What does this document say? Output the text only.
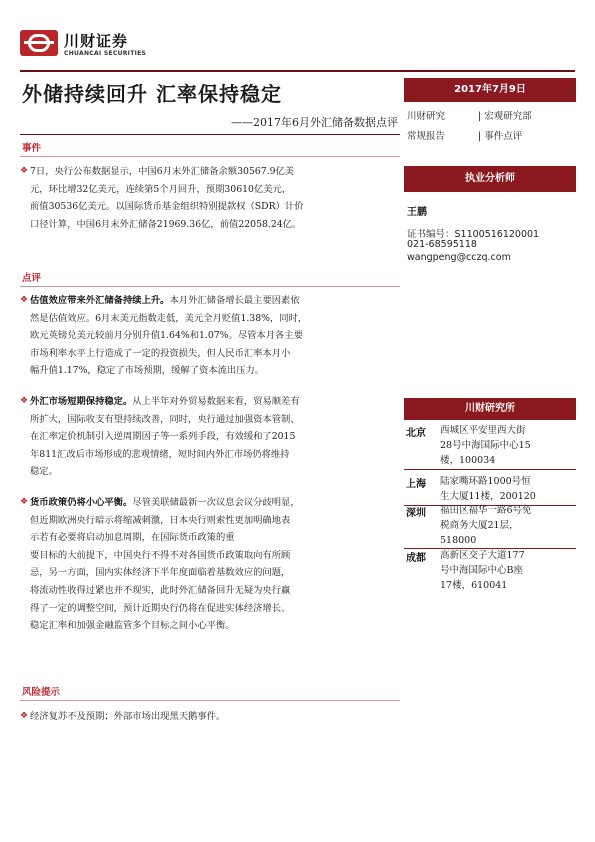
川财证券
CHUANCAI SECURITIES
外储持续回升 汇率保持稳定
——2017年6月外汇储备数据点评
事件
❖ 7日，央行公布数据显示，中国6月末外汇储备余额30567.9亿美
元，环比增32亿美元，连续第5个月回升，预期30610亿美元，
前值30536亿美元。以国际货币基金组织特别提款权（SDR）计价
口径计算，中国6月末外汇储备21969.36亿，前值22058.24亿。
点评
❖ 估值效应带来外汇储备持续上升。本月外汇储备增长最主要因素依
然是估值效应。6月末美元指数走低，美元全月贬值1.38%，同时，
欧元英镑兑美元较前月分别升值1.64%和1.07%。尽管本月各主要
市场利率水平上行造成了一定的投资损失，但人民币汇率本月小
幅升值1.17%，稳定了市场预期，缓解了资本流出压力。
❖ 外汇市场短期保持稳定。从上半年对外贸易数据来看，贸易顺差有
所扩大，国际收支有望持续改善，同时，央行通过加强资本管制、
在汇率定价机制引入逆周期因子等一系列手段，有效缓和了2015
年811汇改后市场形成的悲观情绪，短时间内外汇市场仍将维持
稳定。
❖ 货币政策仍将小心平衡。尽管美联储最新一次议息会议分歧明显，
但近期欧洲央行暗示将缩减刺激，日本央行则索性更加明确地表
示若有必要将启动加息周期，在国际货币政策的重
要目标的大前提下，中国央行不得不对各国货币政策取向有所顾
忌，另一方面，国内实体经济下半年度面临着基数效应的问题，
将流动性收得过紧也并不现实，此时外汇储备回升无疑为央行赢
得了一定的调整空间，预计近期央行仍将在促进实体经济增长、
稳定汇率和加强金融监管多个目标之间小心平衡。
风险提示
❖ 经济复苏不及预期；外部市场出现黑天鹅事件。
2017年7月9日
川财研究	| 宏观研究部
常规报告	| 事件点评
执业分析师
王鹏
证书编号：S1100516120001
021-68595118
wangpeng@cczq.com
川财研究所
北京 西城区平安里西大街
28号中海国际中心15
楼，100034
上海 陆家嘴环路1000号恒
生大厦11楼，200120
深圳 福田区福华一路6号免
税商务大厦21层，
518000
成都 高新区交子大道177
号中海国际中心B座
17楼，610041
